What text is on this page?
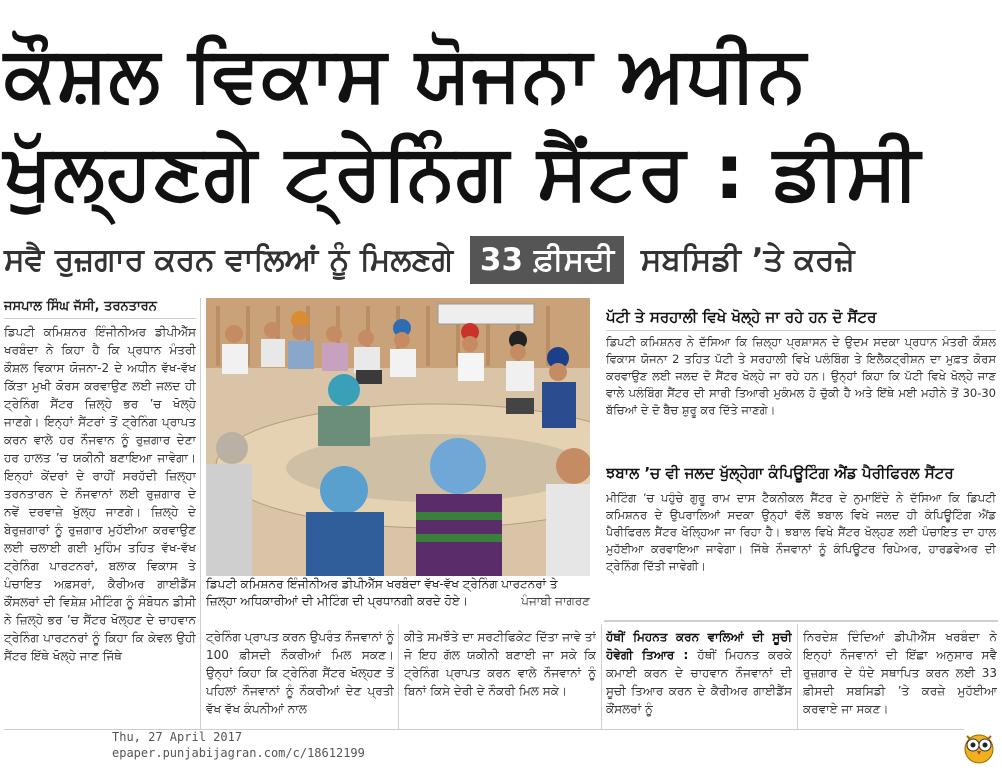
ਕੌਸ਼ਲ ਵਿਕਾਸ ਯੋਜਨਾ ਅਧੀਨ
ਖੁੱਲ੍ਹਣਗੇ ਟ੍ਰੇਨਿੰਗ ਸੈਂਟਰ : ਡੀਸੀ
ਸਵੈ ਰੁਜ਼ਗਾਰ ਕਰਨ ਵਾਲਿਆਂ ਨੂੰ ਮਿਲਣਗੇ 33 ਫ਼ੀਸਦੀ ਸਬਸਿਡੀ ’ਤੇ ਕਰਜ਼ੇ
ਜਸਪਾਲ ਸਿੰਘ ਜੱਸੀ, ਤਰਨਤਾਰਨ
ਡਿਪਟੀ ਕਮਿਸ਼ਨਰ ਇੰਜੀਨੀਅਰ ਡੀਪੀਐੱਸ ਖਰਬੰਦਾ ਨੇ ਕਿਹਾ ਹੈ ਕਿ ਪ੍ਰਧਾਨ ਮੰਤਰੀ ਕੌਸ਼ਲ ਵਿਕਾਸ ਯੋਜਨਾ-2 ਦੇ ਅਧੀਨ ਵੱਖ-ਵੱਖ ਕਿੱਤਾ ਮੁਖੀ ਕੋਰਸ ਕਰਵਾਉਣ ਲਈ ਜਲਦ ਹੀ ਟ੍ਰੇਨਿੰਗ ਸੈਂਟਰ ਜ਼ਿਲ੍ਹੇ ਭਰ ’ਚ ਖੋਲ੍ਹੇ ਜਾਣਗੇ। ਇਨ੍ਹਾਂ ਸੈਂਟਰਾਂ ਤੋਂ ਟ੍ਰੇਨਿੰਗ ਪ੍ਰਾਪਤ ਕਰਨ ਵਾਲੇ ਹਰ ਨੌਜਵਾਨ ਨੂੰ ਰੁਜ਼ਗਾਰ ਦੇਣਾ ਹਰ ਹਾਲਤ ’ਚ ਯਕੀਨੀ ਬਣਾਇਆ ਜਾਵੇਗਾ। ਇਨ੍ਹਾਂ ਕੇਂਦਰਾਂ ਦੇ ਰਾਹੀਂ ਸਰਹੱਦੀ ਜ਼ਿਲ੍ਹਾ ਤਰਨਤਾਰਨ ਦੇ ਨੌਜਵਾਨਾਂ ਲਈ ਰੁਜ਼ਗਾਰ ਦੇ ਨਵੇਂ ਦਰਵਾਜ਼ੇ ਖੁੱਲ੍ਹ ਜਾਣਗੇ। ਜ਼ਿਲ੍ਹੇ ਦੇ ਬੇਰੁਜ਼ਗਾਰਾਂ ਨੂੰ ਰੁਜ਼ਗਾਰ ਮੁਹੱਈਆ ਕਰਵਾਉਣ ਲਈ ਚਲਾਈ ਗਈ ਮੁਹਿੰਮ ਤਹਿਤ ਵੱਖ-ਵੱਖ ਟ੍ਰੇਨਿੰਗ ਪਾਰਟਨਰਾਂ, ਬਲਾਕ ਵਿਕਾਸ ਤੇ ਪੰਚਾਇਤ ਅਫ਼ਸਰਾਂ, ਕੈਰੀਅਰ ਗਾਈਡੈਂਸ ਕੌਂਸਲਰਾਂ ਦੀ ਵਿਸ਼ੇਸ਼ ਮੀਟਿੰਗ ਨੂੰ ਸੰਬੋਧਨ ਡੀਸੀ ਨੇ ਜ਼ਿਲ੍ਹੇ ਭਰ ’ਚ ਸੈਂਟਰ ਖੋਲ੍ਹਣ ਦੇ ਚਾਹਵਾਨ ਟ੍ਰੇਨਿੰਗ ਪਾਰਟਨਰਾਂ ਨੂੰ ਕਿਹਾ ਕਿ ਕੇਵਲ ਉਹੀ ਸੈਂਟਰ ਇੱਥੇ ਖੋਲ੍ਹੇ ਜਾਣ ਜਿੱਥੇ
ਡਿਪਟੀ ਕਮਿਸ਼ਨਰ ਇੰਜੀਨੀਅਰ ਡੀਪੀਐੱਸ ਖਰਬੰਦਾ ਵੱਖ-ਵੱਖ ਟ੍ਰੇਨਿੰਗ ਪਾਰਟਨਰਾਂ ਤੇ ਜ਼ਿਲ੍ਹਾ ਅਧਿਕਾਰੀਆਂ ਦੀ ਮੀਟਿੰਗ ਦੀ ਪ੍ਰਧਾਨਗੀ ਕਰਦੇ ਹੋਏ।	ਪੰਜਾਬੀ ਜਾਗਰਣ
ਟ੍ਰੇਨਿੰਗ ਪ੍ਰਾਪਤ ਕਰਨ ਉਪਰੰਤ ਨੌਜਵਾਨਾਂ ਨੂੰ 100 ਫ਼ੀਸਦੀ ਨੌਕਰੀਆਂ ਮਿਲ ਸਕਣ। ਉਨ੍ਹਾਂ ਕਿਹਾ ਕਿ ਟ੍ਰੇਨਿੰਗ ਸੈਂਟਰ ਖੋਲ੍ਹਣ ਤੋਂ ਪਹਿਲਾਂ ਨੌਜਵਾਨਾਂ ਨੂੰ ਨੌਕਰੀਆਂ ਦੇਣ ਪ੍ਰਤੀ ਵੱਖ ਵੱਖ ਕੰਪਨੀਆਂ ਨਾਲ
ਕੀਤੇ ਸਮਝੌਤੇ ਦਾ ਸਰਟੀਫਿਕੇਟ ਦਿੱਤਾ ਜਾਵੇ ਤਾਂ ਜੋ ਇਹ ਗੱਲ ਯਕੀਨੀ ਬਣਾਈ ਜਾ ਸਕੇ ਕਿ ਟ੍ਰੇਨਿੰਗ ਪ੍ਰਾਪਤ ਕਰਨ ਵਾਲੇ ਨੌਜਵਾਨਾਂ ਨੂੰ ਬਿਨਾਂ ਕਿਸੇ ਦੇਰੀ ਦੇ ਨੌਕਰੀ ਮਿਲ ਸਕੇ।
ਹੱਥੀਂ ਮਿਹਨਤ ਕਰਨ ਵਾਲਿਆਂ ਦੀ ਸੂਚੀ ਹੋਵੇਗੀ ਤਿਆਰ : ਹੱਥੀਂ ਮਿਹਨਤ ਕਰਕੇ ਕਮਾਈ ਕਰਨ ਦੇ ਚਾਹਵਾਨ ਨੌਜਵਾਨਾਂ ਦੀ ਸੂਚੀ ਤਿਆਰ ਕਰਨ ਦੇ ਕੈਰੀਅਰ ਗਾਈਡੈਂਸ ਕੌਂਸਲਰਾਂ ਨੂੰ
ਨਿਰਦੇਸ਼ ਦਿੰਦਿਆਂ ਡੀਪੀਐੱਸ ਖਰਬੰਦਾ ਨੇ ਇਨ੍ਹਾਂ ਨੌਜਵਾਨਾਂ ਦੀ ਇੱਛਾ ਅਨੁਸਾਰ ਸਵੈ ਰੁਜ਼ਗਾਰ ਦੇ ਧੰਦੇ ਸਥਾਪਿਤ ਕਰਨ ਲਈ 33 ਫ਼ੀਸਦੀ ਸਬਸਿਡੀ ’ਤੇ ਕਰਜ਼ੇ ਮੁਹੱਈਆ ਕਰਵਾਏ ਜਾ ਸਕਣ।
ਪੱਟੀ ਤੇ ਸਰਹਾਲੀ ਵਿਖੇ ਖੋਲ੍ਹੇ ਜਾ ਰਹੇ ਹਨ ਦੋ ਸੈਂਟਰ
ਡਿਪਟੀ ਕਮਿਸ਼ਨਰ ਨੇ ਦੱਸਿਆ ਕਿ ਜ਼ਿਲ੍ਹਾ ਪ੍ਰਸ਼ਾਸਨ ਦੇ ਉਦਮ ਸਦਕਾ ਪ੍ਰਧਾਨ ਮੰਤਰੀ ਕੌਸ਼ਲ ਵਿਕਾਸ ਯੋਜਨਾ 2 ਤਹਿਤ ਪੱਟੀ ਤੇ ਸਰਹਾਲੀ ਵਿਖੇ ਪਲੰਬਿੰਗ ਤੇ ਇਲੈਕਟ੍ਰੀਸ਼ਨ ਦਾ ਮੁਫ਼ਤ ਕੋਰਸ ਕਰਵਾਉਣ ਲਈ ਜਲਦ ਦੋ ਸੈਂਟਰ ਖੋਲ੍ਹੇ ਜਾ ਰਹੇ ਹਨ। ਉਨ੍ਹਾਂ ਕਿਹਾ ਕਿ ਪੱਟੀ ਵਿਖੇ ਖੋਲ੍ਹੇ ਜਾਣ ਵਾਲੇ ਪਲੰਬਿੰਗ ਸੈਂਟਰ ਦੀ ਸਾਰੀ ਤਿਆਰੀ ਮੁਕੰਮਲ ਹੋ ਚੁੱਕੀ ਹੈ ਅਤੇ ਇੱਥੇ ਮਈ ਮਹੀਨੇ ਤੋਂ 30-30 ਬੱਚਿਆਂ ਦੇ ਦੋ ਬੈਚ ਸ਼ੁਰੂ ਕਰ ਦਿੱਤੇ ਜਾਣਗੇ।
ਝਬਾਲ ’ਚ ਵੀ ਜਲਦ ਖੁੱਲ੍ਹੇਗਾ ਕੰਪਿਊਟਿੰਗ ਐਂਡ ਪੈਰੀਫਿਰਲ ਸੈਂਟਰ
ਮੀਟਿੰਗ ’ਚ ਪਹੁੰਚੇ ਗੁਰੂ ਰਾਮ ਦਾਸ ਟੈਕਨੀਕਲ ਸੈਂਟਰ ਦੇ ਨੁਮਾਇੰਦੇ ਨੇ ਦੱਸਿਆ ਕਿ ਡਿਪਟੀ ਕਮਿਸ਼ਨਰ ਦੇ ਉਪਰਾਲਿਆਂ ਸਦਕਾ ਉਨ੍ਹਾਂ ਵੱਲੋਂ ਝਬਾਲ ਵਿਖੇ ਜਲਦ ਹੀ ਕੰਪਿਊਟਿੰਗ ਐਂਡ ਪੈਰੀਫਿਰਲ ਸੈਂਟਰ ਖੋਲ੍ਹਿਆ ਜਾ ਰਿਹਾ ਹੈ। ਝਬਾਲ ਵਿਖੇ ਸੈਂਟਰ ਖੋਲ੍ਹਣ ਲਈ ਪੰਚਾਇਤ ਦਾ ਹਾਲ ਮੁਹੱਈਆ ਕਰਵਾਇਆ ਜਾਵੇਗਾ। ਜਿੱਥੇ ਨੌਜਵਾਨਾਂ ਨੂੰ ਕੰਪਿਊਟਰ ਰਿਪੇਅਰ, ਹਾਰਡਵੇਅਰ ਦੀ ਟ੍ਰੇਨਿੰਗ ਦਿੱਤੀ ਜਾਵੇਗੀ।
Thu, 27 April 2017
epaper.punjabijagran.com/c/18612199
